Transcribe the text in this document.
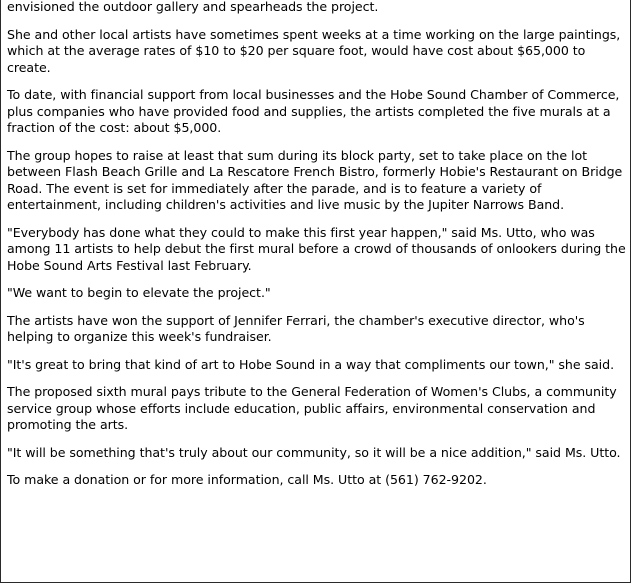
envisioned the outdoor gallery and spearheads the project.

She and other local artists have sometimes spent weeks at a time working on the large paintings, which at the average rates of $10 to $20 per square foot, would have cost about $65,000 to create.

To date, with financial support from local businesses and the Hobe Sound Chamber of Commerce, plus companies who have provided food and supplies, the artists completed the five murals at a fraction of the cost: about $5,000.

The group hopes to raise at least that sum during its block party, set to take place on the lot between Flash Beach Grille and La Rescatore French Bistro, formerly Hobie's Restaurant on Bridge Road. The event is set for immediately after the parade, and is to feature a variety of entertainment, including children's activities and live music by the Jupiter Narrows Band.

"Everybody has done what they could to make this first year happen," said Ms. Utto, who was among 11 artists to help debut the first mural before a crowd of thousands of onlookers during the Hobe Sound Arts Festival last February.

"We want to begin to elevate the project."

The artists have won the support of Jennifer Ferrari, the chamber's executive director, who's helping to organize this week's fundraiser.

"It's great to bring that kind of art to Hobe Sound in a way that compliments our town," she said.

The proposed sixth mural pays tribute to the General Federation of Women's Clubs, a community service group whose efforts include education, public affairs, environmental conservation and promoting the arts.

"It will be something that's truly about our community, so it will be a nice addition," said Ms. Utto.

To make a donation or for more information, call Ms. Utto at (561) 762-9202.
